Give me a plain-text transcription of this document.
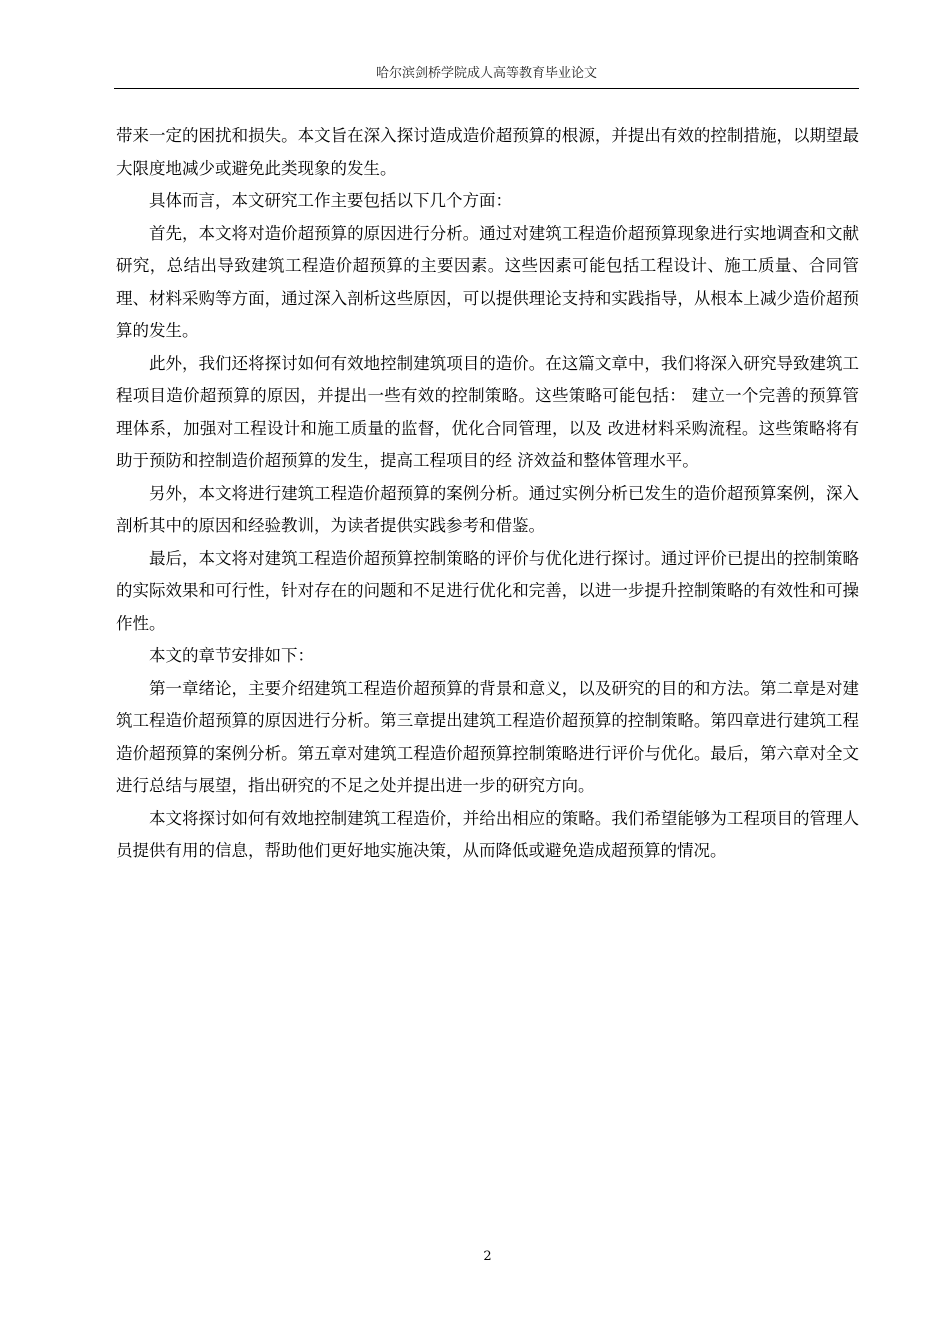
哈尔滨剑桥学院成人高等教育毕业论文

带来一定的困扰和损失。本文旨在深入探讨造成造价超预算的根源，并提出有效的控制措施，以期望最大限度地减少或避免此类现象的发生。

具体而言，本文研究工作主要包括以下几个方面：

首先，本文将对造价超预算的原因进行分析。通过对建筑工程造价超预算现象进行实地调查和文献研究，总结出导致建筑工程造价超预算的主要因素。这些因素可能包括工程设计、施工质量、合同管理、材料采购等方面，通过深入剖析这些原因，可以提供理论支持和实践指导，从根本上减少造价超预算的发生。

此外，我们还将探讨如何有效地控制建筑项目的造价。在这篇文章中，我们将深入研究导致建筑工程项目造价超预算的原因，并提出一些有效的控制策略。这些策略可能包括： 建立一个完善的预算管理体系，加强对工程设计和施工质量的监督，优化合同管理，以及 改进材料采购流程。这些策略将有助于预防和控制造价超预算的发生，提高工程项目的经 济效益和整体管理水平。

另外，本文将进行建筑工程造价超预算的案例分析。通过实例分析已发生的造价超预算案例，深入剖析其中的原因和经验教训，为读者提供实践参考和借鉴。

最后，本文将对建筑工程造价超预算控制策略的评价与优化进行探讨。通过评价已提出的控制策略的实际效果和可行性，针对存在的问题和不足进行优化和完善，以进一步提升控制策略的有效性和可操作性。

本文的章节安排如下：

第一章绪论，主要介绍建筑工程造价超预算的背景和意义，以及研究的目的和方法。第二章是对建筑工程造价超预算的原因进行分析。第三章提出建筑工程造价超预算的控制策略。第四章进行建筑工程造价超预算的案例分析。第五章对建筑工程造价超预算控制策略进行评价与优化。最后，第六章对全文进行总结与展望，指出研究的不足之处并提出进一步的研究方向。

本文将探讨如何有效地控制建筑工程造价，并给出相应的策略。我们希望能够为工程项目的管理人员提供有用的信息，帮助他们更好地实施决策，从而降低或避免造成超预算的情况。

2
